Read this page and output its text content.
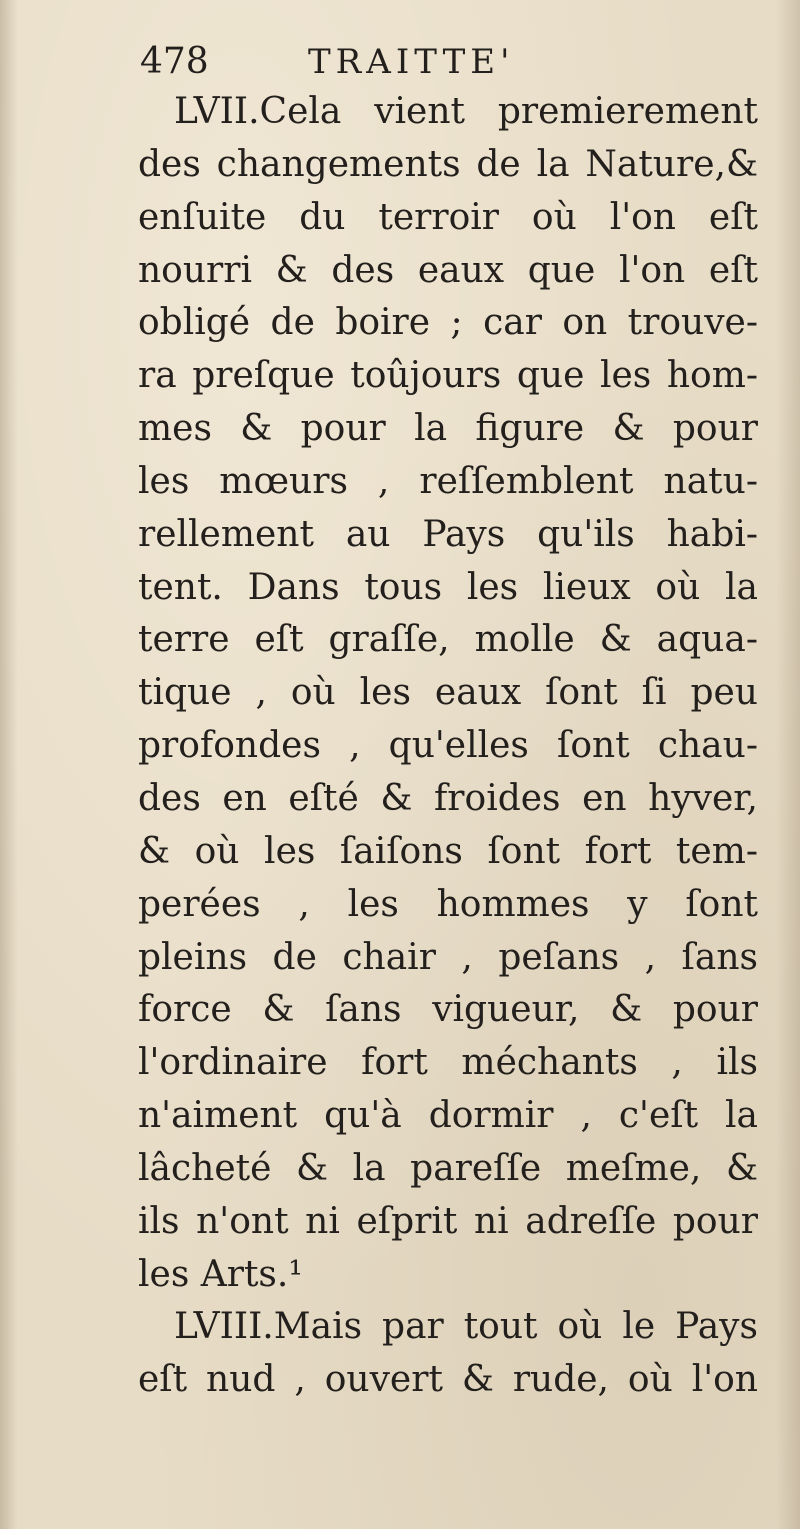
478	TRAITTE'
LVII.Cela vient premierement
des changements de la Nature,&
enſuite du terroir où l'on eſt
nourri & des eaux que l'on eſt
obligé de boire ; car on trouve-
ra preſque toûjours que les hom-
mes & pour la figure & pour
les mœurs , reſſemblent natu-
rellement au Pays qu'ils habi-
tent. Dans tous les lieux où la
terre eſt graſſe, molle & aqua-
tique , où les eaux ſont ſi peu
profondes , qu'elles ſont chau-
des en eſté & froides en hyver,
& où les ſaiſons ſont fort tem-
perées , les hommes y ſont
pleins de chair , peſans , ſans
force & ſans vigueur, & pour
l'ordinaire fort méchants , ils
n'aiment qu'à dormir , c'eſt la
lâcheté & la pareſſe meſme, &
ils n'ont ni eſprit ni adreſſe pour
les Arts.¹
LVIII.Mais par tout où le Pays
eſt nud , ouvert & rude, où l'on
